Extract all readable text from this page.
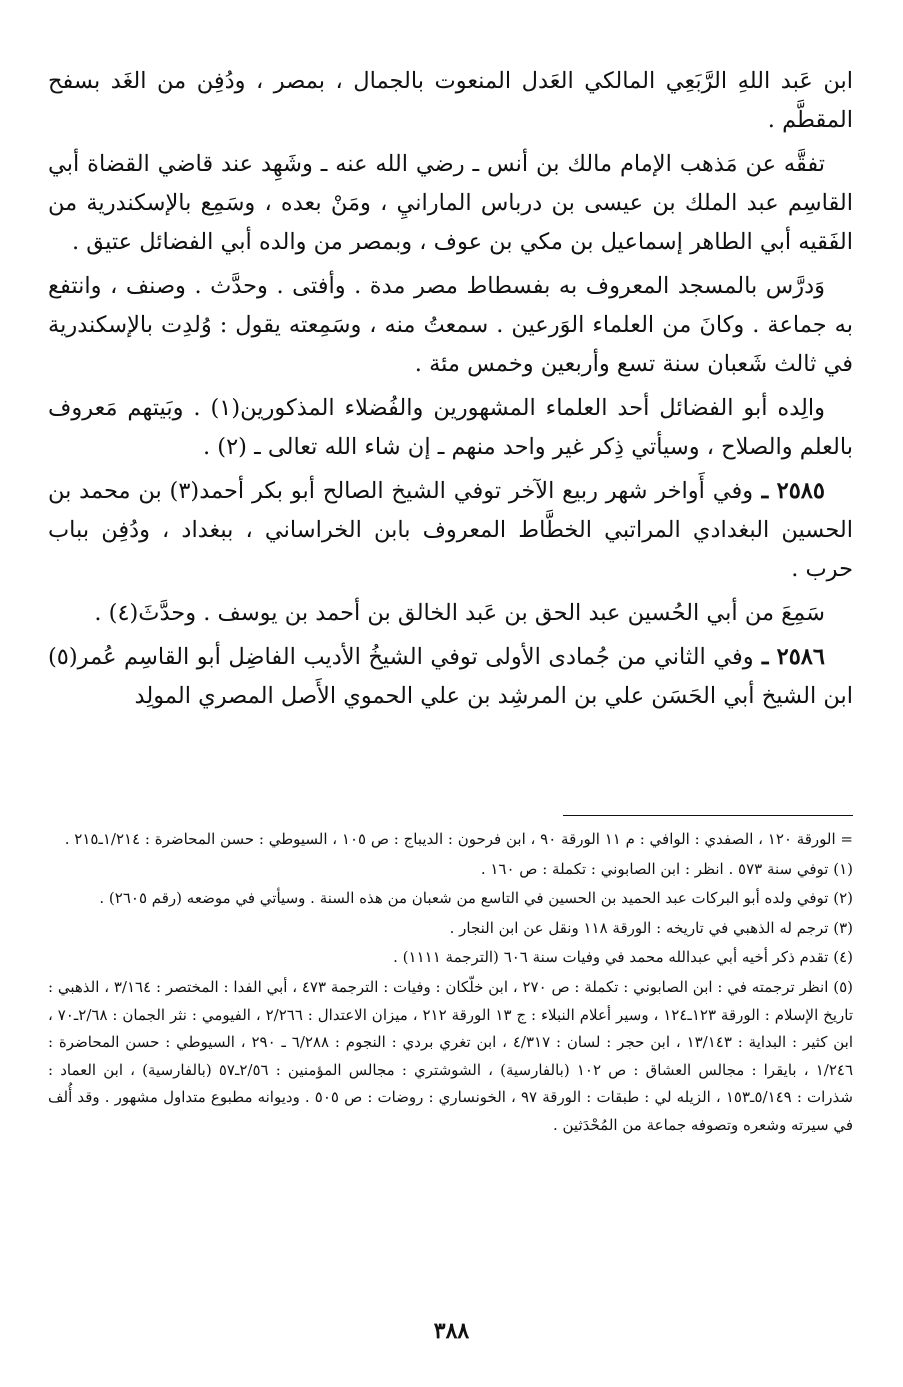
ابن عَبد اللهِ الرَّبَعِي المالكي العَدل المنعوت بالجمال ، بمصر ، ودُفِن من الغَد بسفح المقطَّم .

تفقَّه عن مَذهب الإمام مالك بن أنس ـ رضي الله عنه ـ وشَهِد عند قاضي القضاة أبي القاسِم عبد الملك بن عيسى بن درباس المارانيِ ، ومَنْ بعده ، وسَمِع بالإسكندرية من الفَقيه أبي الطاهر إسماعيل بن مكي بن عوف ، وبمصر من والده أبي الفضائل عتيق .

وَدرَّس بالمسجد المعروف به بفسطاط مصر مدة . وأفتى . وحدَّث . وصنف ، وانتفع به جماعة . وكانَ من العلماء الوَرعين . سمعتُ منه ، وسَمِعته يقول : وُلدِت بالإسكندرية في ثالث شَعبان سنة تسع وأربعين وخمس مئة .

والِده أبو الفضائل أحد العلماء المشهورين والفُضلاء المذكورين(١) . وبَيتهم مَعروف بالعلم والصلاح ، وسيأتي ذِكر غير واحد منهم ـ إن شاء الله تعالى ـ (٢) .

٢٥٨٥ ـ وفي أَواخر شهر ربيع الآخر توفي الشيخ الصالح أبو بكر أحمد(٣) بن محمد بن الحسين البغدادي المراتبي الخطَّاط المعروف بابن الخراساني ، ببغداد ، ودُفِن بباب حرب .

سَمِعَ من أبي الحُسين عبد الحق بن عَبد الخالق بن أحمد بن يوسف . وحدَّثَ(٤) .

٢٥٨٦ ـ وفي الثاني من جُمادى الأولى توفي الشيخُ الأديب الفاضِل أبو القاسِم عُمر(٥) ابن الشيخ أبي الحَسَن علي بن المرشِد بن علي الحموي الأَصل المصري المولِد

= الورقة ١٢٠ ، الصفدي : الوافي : م ١١ الورقة ٩٠ ، ابن فرحون : الديباج : ص ١٠٥ ، السيوطي : حسن المحاضرة : ١/٢١٤ـ٢١٥ .

(١) توفي سنة ٥٧٣ . انظر : ابن الصابوني : تكملة : ص ١٦٠ .

(٢) توفي ولده أبو البركات عبد الحميد بن الحسين في التاسع من شعبان من هذه السنة . وسيأتي في موضعه (رقم ٢٦٠٥) .

(٣) ترجم له الذهبي في تاريخه : الورقة ١١٨ ونقل عن ابن النجار .

(٤) تقدم ذكر أخيه أبي عبدالله محمد في وفيات سنة ٦٠٦ (الترجمة ١١١١) .

(٥) انظر ترجمته في : ابن الصابوني : تكملة : ص ٢٧٠ ، ابن خلّكان : وفيات : الترجمة ٤٧٣ ، أبي الفدا : المختصر : ٣/١٦٤ ، الذهبي : تاريخ الإسلام : الورقة ١٢٣ـ١٢٤ ، وسير أعلام النبلاء : ج ١٣ الورقة ٢١٢ ، ميزان الاعتدال : ٢/٢٦٦ ، الفيومي : نثر الجمان : ٢/٦٨ـ٧٠ ، ابن كثير : البداية : ١٣/١٤٣ ، ابن حجر : لسان : ٤/٣١٧ ، ابن تغري بردي : النجوم : ٦/٢٨٨ ـ ٢٩٠ ، السيوطي : حسن المحاضرة : ١/٢٤٦ ، بايقرا : مجالس العشاق : ص ١٠٢ (بالفارسية) ، الشوشتري : مجالس المؤمنين : ٢/٥٦ـ٥٧ (بالفارسية) ، ابن العماد : شذرات : ٥/١٤٩ـ١٥٣ ، الزيله لي : طبقات : الورقة ٩٧ ، الخونساري : روضات : ص ٥٠٥ . وديوانه مطبوع متداول مشهور . وقد أُلف في سيرته وشعره وتصوفه جماعة من المُحْدَثين .

٣٨٨
